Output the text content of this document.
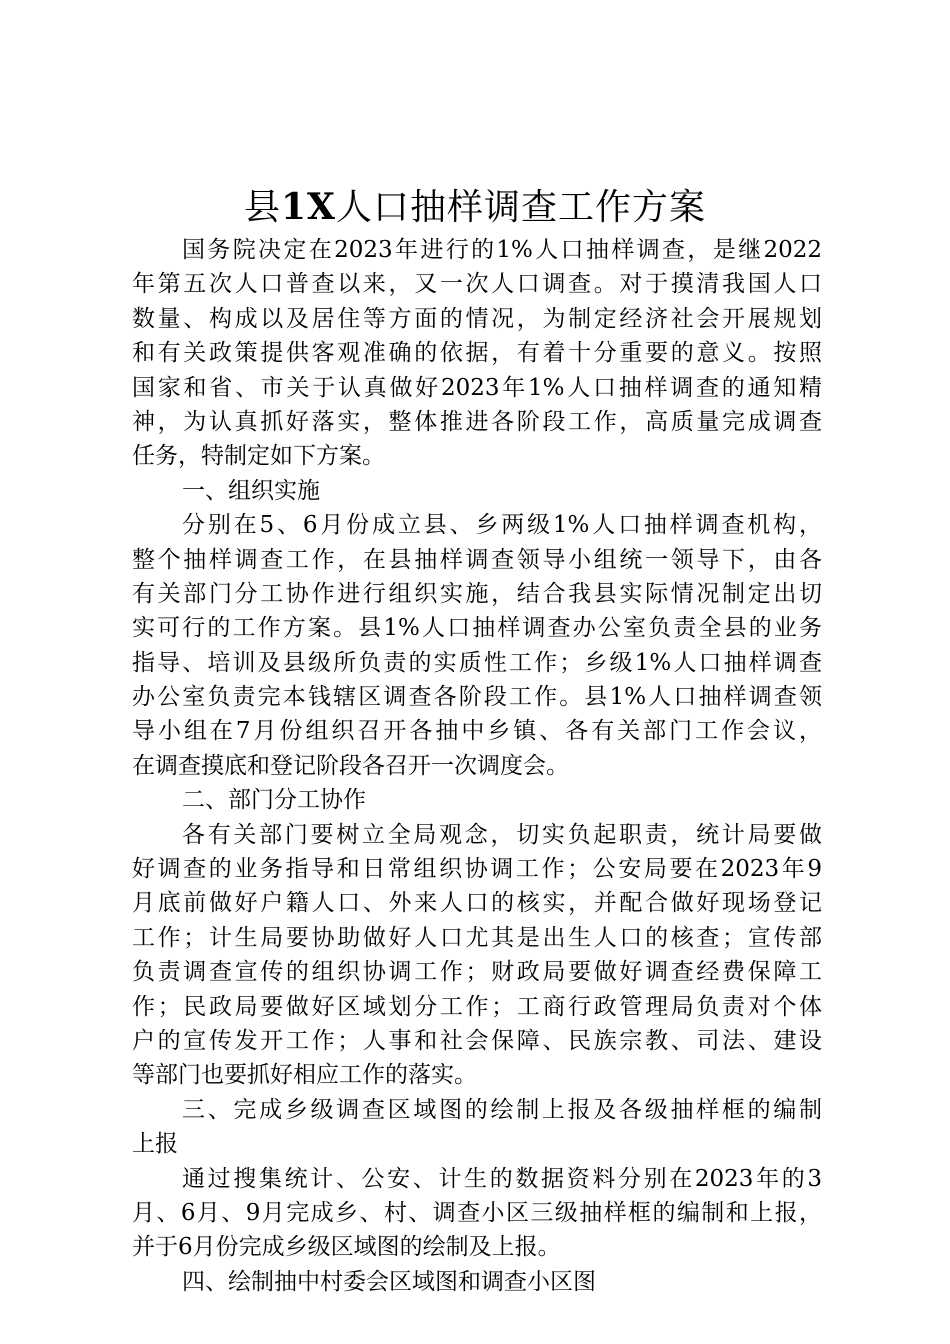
县1X人口抽样调查工作方案
国务院决定在2023年进行的1%人口抽样调查，是继2022
年第五次人口普查以来，又一次人口调查。对于摸清我国人口
数量、构成以及居住等方面的情况，为制定经济社会开展规划
和有关政策提供客观准确的依据，有着十分重要的意义。按照
国家和省、市关于认真做好2023年1%人口抽样调查的通知精
神，为认真抓好落实，整体推进各阶段工作，高质量完成调查
任务，特制定如下方案。
一、组织实施
分别在5、6月份成立县、乡两级1%人口抽样调查机构，
整个抽样调查工作，在县抽样调查领导小组统一领导下，由各
有关部门分工协作进行组织实施，结合我县实际情况制定出切
实可行的工作方案。县1%人口抽样调查办公室负责全县的业务
指导、培训及县级所负责的实质性工作；乡级1%人口抽样调查
办公室负责完本钱辖区调查各阶段工作。县1%人口抽样调查领
导小组在7月份组织召开各抽中乡镇、各有关部门工作会议，
在调查摸底和登记阶段各召开一次调度会。
二、部门分工协作
各有关部门要树立全局观念，切实负起职责，统计局要做
好调查的业务指导和日常组织协调工作；公安局要在2023年9
月底前做好户籍人口、外来人口的核实，并配合做好现场登记
工作；计生局要协助做好人口尤其是出生人口的核查；宣传部
负责调查宣传的组织协调工作；财政局要做好调查经费保障工
作；民政局要做好区域划分工作；工商行政管理局负责对个体
户的宣传发开工作；人事和社会保障、民族宗教、司法、建设
等部门也要抓好相应工作的落实。
三、完成乡级调查区域图的绘制上报及各级抽样框的编制
上报
通过搜集统计、公安、计生的数据资料分别在2023年的3
月、6月、9月完成乡、村、调查小区三级抽样框的编制和上报，
并于6月份完成乡级区域图的绘制及上报。
四、绘制抽中村委会区域图和调查小区图
